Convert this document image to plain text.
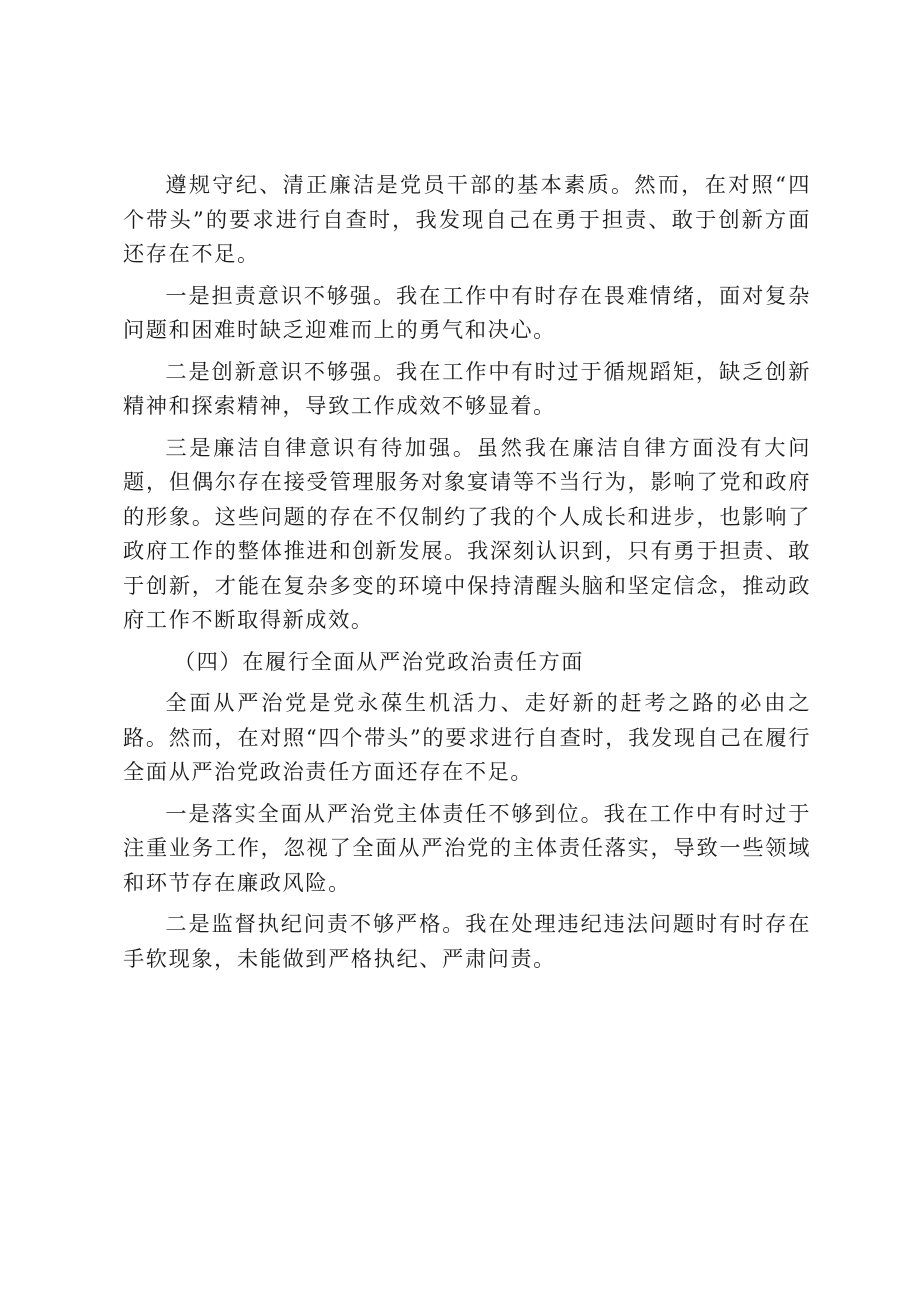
遵规守纪、清正廉洁是党员干部的基本素质。然而，在对照“四个带头”的要求进行自查时，我发现自己在勇于担责、敢于创新方面还存在不足。

一是担责意识不够强。我在工作中有时存在畏难情绪，面对复杂问题和困难时缺乏迎难而上的勇气和决心。

二是创新意识不够强。我在工作中有时过于循规蹈矩，缺乏创新精神和探索精神，导致工作成效不够显着。

三是廉洁自律意识有待加强。虽然我在廉洁自律方面没有大问题，但偶尔存在接受管理服务对象宴请等不当行为，影响了党和政府的形象。这些问题的存在不仅制约了我的个人成长和进步，也影响了政府工作的整体推进和创新发展。我深刻认识到，只有勇于担责、敢于创新，才能在复杂多变的环境中保持清醒头脑和坚定信念，推动政府工作不断取得新成效。

（四）在履行全面从严治党政治责任方面

全面从严治党是党永葆生机活力、走好新的赶考之路的必由之路。然而，在对照“四个带头”的要求进行自查时，我发现自己在履行全面从严治党政治责任方面还存在不足。

一是落实全面从严治党主体责任不够到位。我在工作中有时过于注重业务工作，忽视了全面从严治党的主体责任落实，导致一些领域和环节存在廉政风险。

二是监督执纪问责不够严格。我在处理违纪违法问题时有时存在手软现象，未能做到严格执纪、严肃问责。
